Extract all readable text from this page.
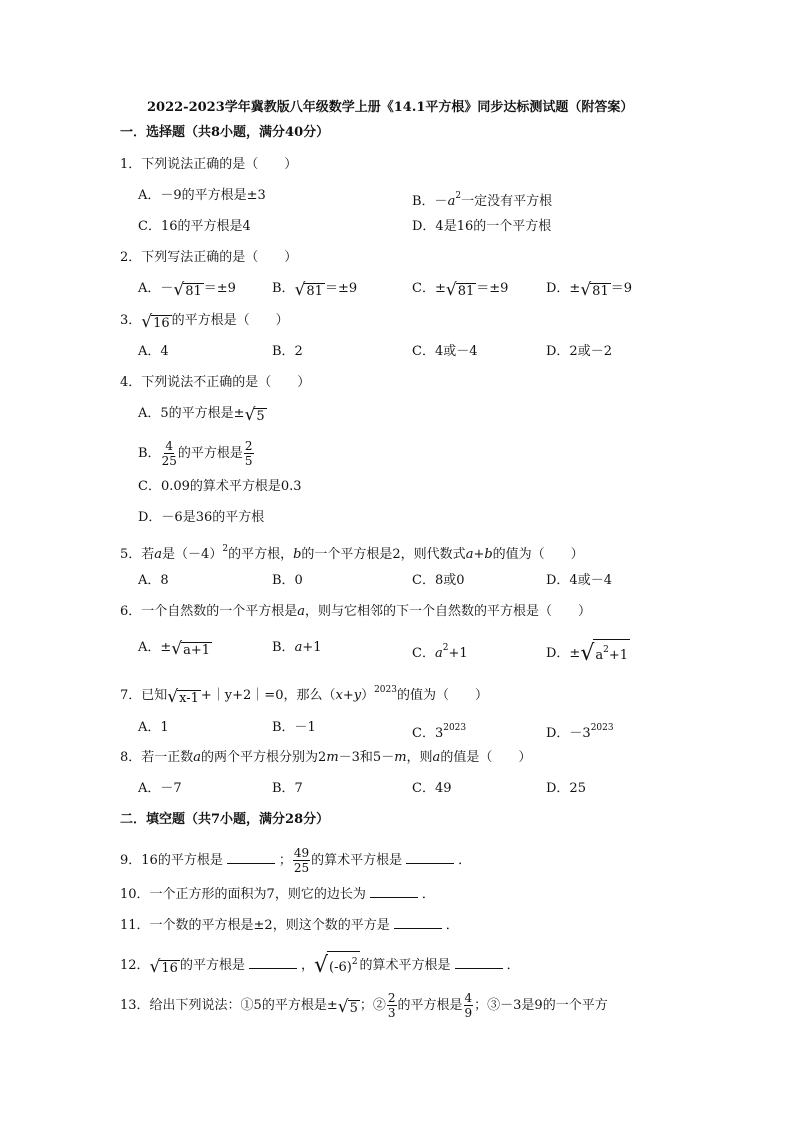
2022-2023学年冀教版八年级数学上册《14.1平方根》同步达标测试题（附答案）
一．选择题（共8小题，满分40分）
1．下列说法正确的是（　　）
A．－9的平方根是±3	B．$-a^2$一定没有平方根
C．16的平方根是4	D．4是16的一个平方根
2．下列写法正确的是（　　）
A．－ √ 81 ＝±9	B． √ 81 ＝±9	C．± √ 81 ＝±9	D．± √ 81 ＝9
3． √ 16 的平方根是（　　）
A．4	B．2	C．4或－4	D．2或－2
4．下列说法不正确的是（　　）
A．5的平方根是± √ 5
B． $\frac{4}{25}$ 的平方根是 $\frac{2}{5}$
C．0.09的算术平方根是0.3
D．－6是36的平方根
5．若a是$(-4)^2$的平方根，b的一个平方根是2，则代数式a+b的值为（　　）
A．8	B．0	C．8或0	D．4或－4
6．一个自然数的一个平方根是a，则与它相邻的下一个自然数的平方根是（　　）
A．± √ a+1	B．a+1	C．$a^2+1$	D．± √ $a^2+1$
7．已知 √ x-1 +｜y+2｜=0，那么$(x+y)^{2023}$的值为（　　）
A．1	B．－1	C．$3^{2023}$	D．$-3^{2023}$
8．若一正数a的两个平方根分别为2m－3和5－m，则a的值是（　　）
A．－7	B．7	C．49	D．25
二．填空题（共7小题，满分28分）
9．16的平方根是	； $\frac{49}{25}$ 的算术平方根是	．
10．一个正方形的面积为7，则它的边长为	．
11．一个数的平方根是±2，则这个数的平方是	．
12． √ 16 的平方根是	， √ $(-6)^2$ 的算术平方根是	．
13．给出下列说法：①5的平方根是± √ 5 ；② $\frac{2}{3}$ 的平方根是 $\frac{4}{9}$ ；③－3是9的一个平方
